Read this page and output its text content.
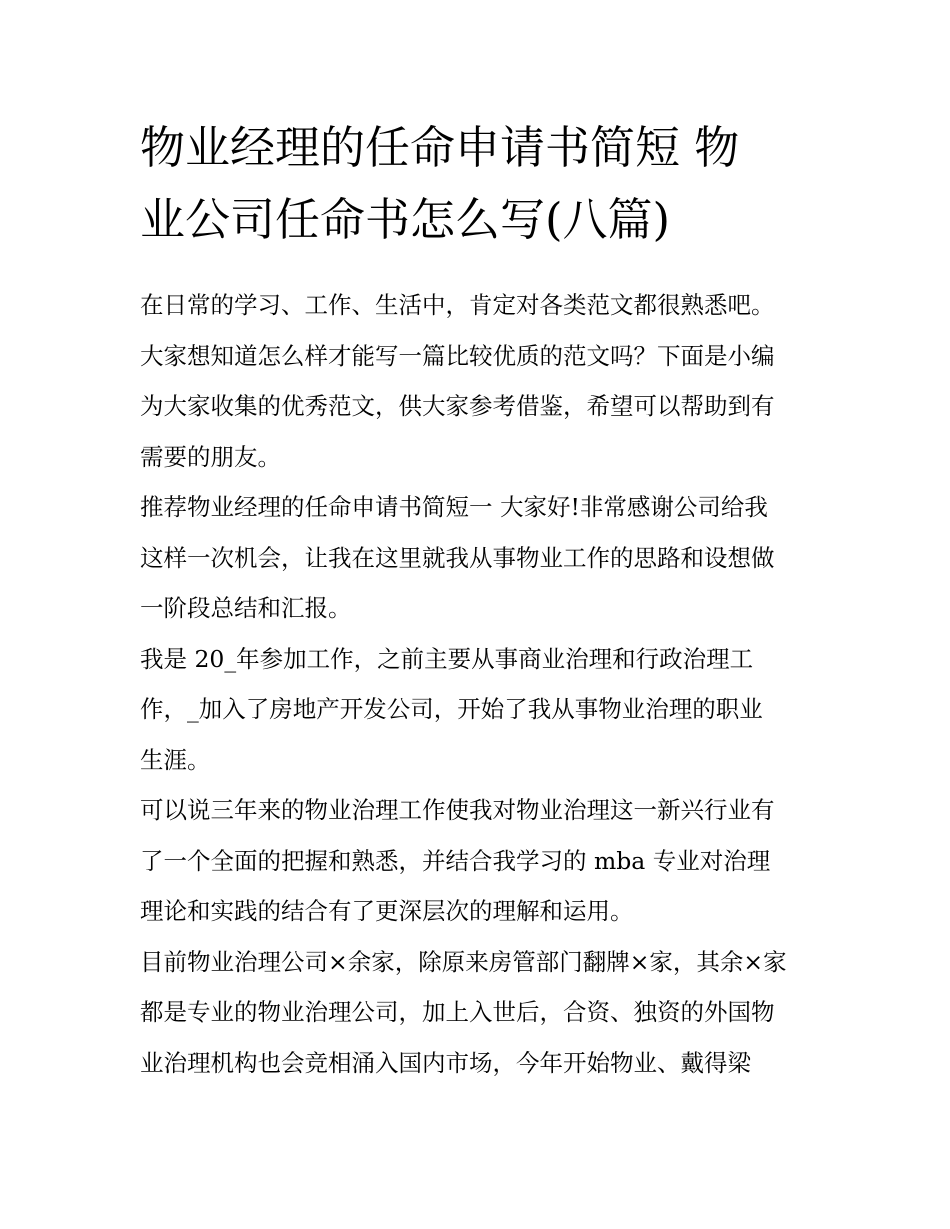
物业经理的任命申请书简短 物
业公司任命书怎么写(八篇)

在日常的学习、工作、生活中，肯定对各类范文都很熟悉吧。
大家想知道怎么样才能写一篇比较优质的范文吗？下面是小编
为大家收集的优秀范文，供大家参考借鉴，希望可以帮助到有
需要的朋友。

推荐物业经理的任命申请书简短一 大家好!非常感谢公司给我
这样一次机会，让我在这里就我从事物业工作的思路和设想做
一阶段总结和汇报。

我是 20_年参加工作，之前主要从事商业治理和行政治理工
作，_加入了房地产开发公司，开始了我从事物业治理的职业
生涯。

可以说三年来的物业治理工作使我对物业治理这一新兴行业有
了一个全面的把握和熟悉，并结合我学习的 mba 专业对治理
理论和实践的结合有了更深层次的理解和运用。

目前物业治理公司×余家，除原来房管部门翻牌×家，其余×家
都是专业的物业治理公司，加上入世后，合资、独资的外国物
业治理机构也会竞相涌入国内市场，今年开始物业、戴得梁
